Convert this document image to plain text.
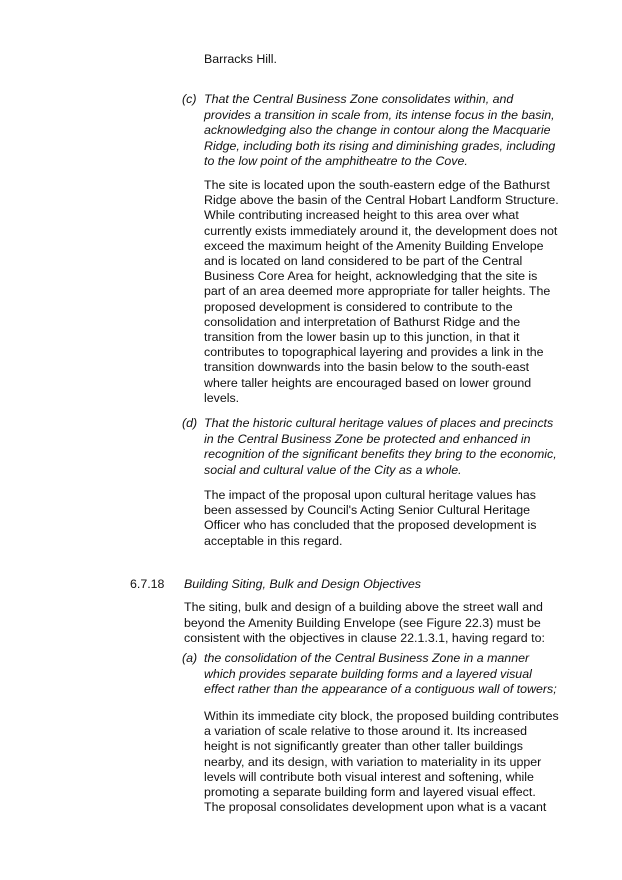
Barracks Hill.
(c) That the Central Business Zone consolidates within, and
provides a transition in scale from, its intense focus in the basin,
acknowledging also the change in contour along the Macquarie
Ridge, including both its rising and diminishing grades, including
to the low point of the amphitheatre to the Cove.
The site is located upon the south-eastern edge of the Bathurst
Ridge above the basin of the Central Hobart Landform Structure.
While contributing increased height to this area over what
currently exists immediately around it, the development does not
exceed the maximum height of the Amenity Building Envelope
and is located on land considered to be part of the Central
Business Core Area for height, acknowledging that the site is
part of an area deemed more appropriate for taller heights. The
proposed development is considered to contribute to the
consolidation and interpretation of Bathurst Ridge and the
transition from the lower basin up to this junction, in that it
contributes to topographical layering and provides a link in the
transition downwards into the basin below to the south-east
where taller heights are encouraged based on lower ground
levels.
(d) That the historic cultural heritage values of places and precincts
in the Central Business Zone be protected and enhanced in
recognition of the significant benefits they bring to the economic,
social and cultural value of the City as a whole.
The impact of the proposal upon cultural heritage values has
been assessed by Council's Acting Senior Cultural Heritage
Officer who has concluded that the proposed development is
acceptable in this regard.
6.7.18 Building Siting, Bulk and Design Objectives
The siting, bulk and design of a building above the street wall and
beyond the Amenity Building Envelope (see Figure 22.3) must be
consistent with the objectives in clause 22.1.3.1, having regard to:
(a) the consolidation of the Central Business Zone in a manner
which provides separate building forms and a layered visual
effect rather than the appearance of a contiguous wall of towers;
Within its immediate city block, the proposed building contributes
a variation of scale relative to those around it. Its increased
height is not significantly greater than other taller buildings
nearby, and its design, with variation to materiality in its upper
levels will contribute both visual interest and softening, while
promoting a separate building form and layered visual effect.
The proposal consolidates development upon what is a vacant
